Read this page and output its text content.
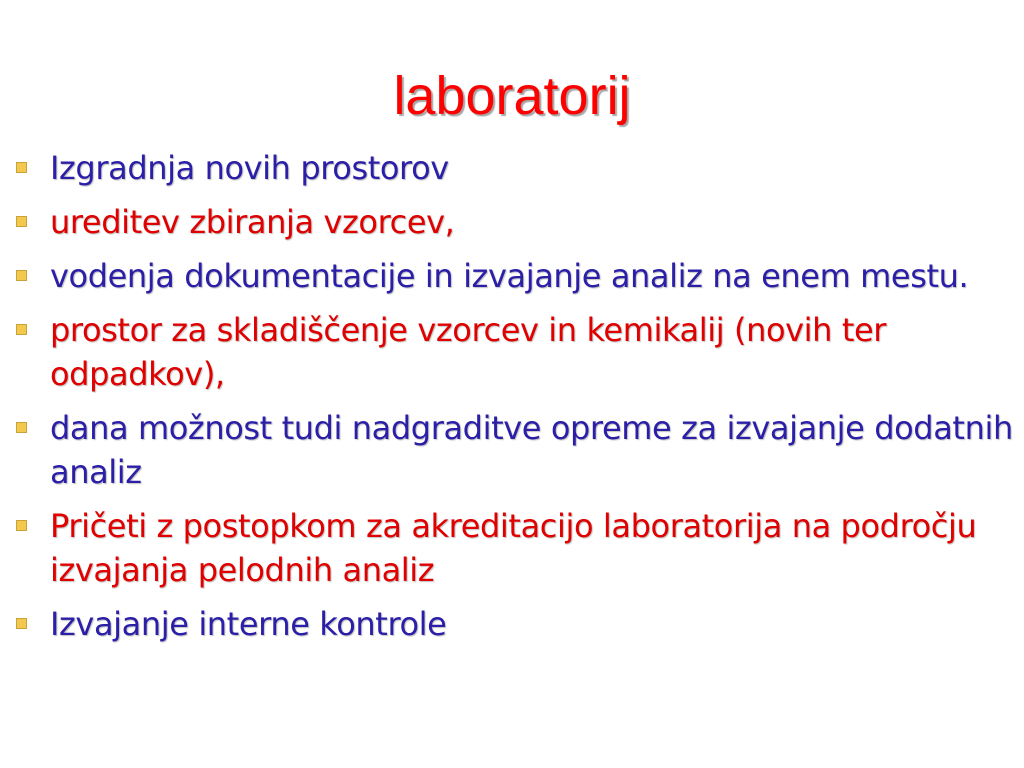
laboratorij
Izgradnja novih prostorov
ureditev zbiranja vzorcev,
vodenja dokumentacije in izvajanje analiz na enem mestu.
prostor za skladiščenje vzorcev in kemikalij (novih ter odpadkov),
dana možnost tudi nadgraditve opreme za izvajanje dodatnih analiz
Pričeti z postopkom za akreditacijo laboratorija na področju izvajanja pelodnih analiz
Izvajanje interne kontrole
